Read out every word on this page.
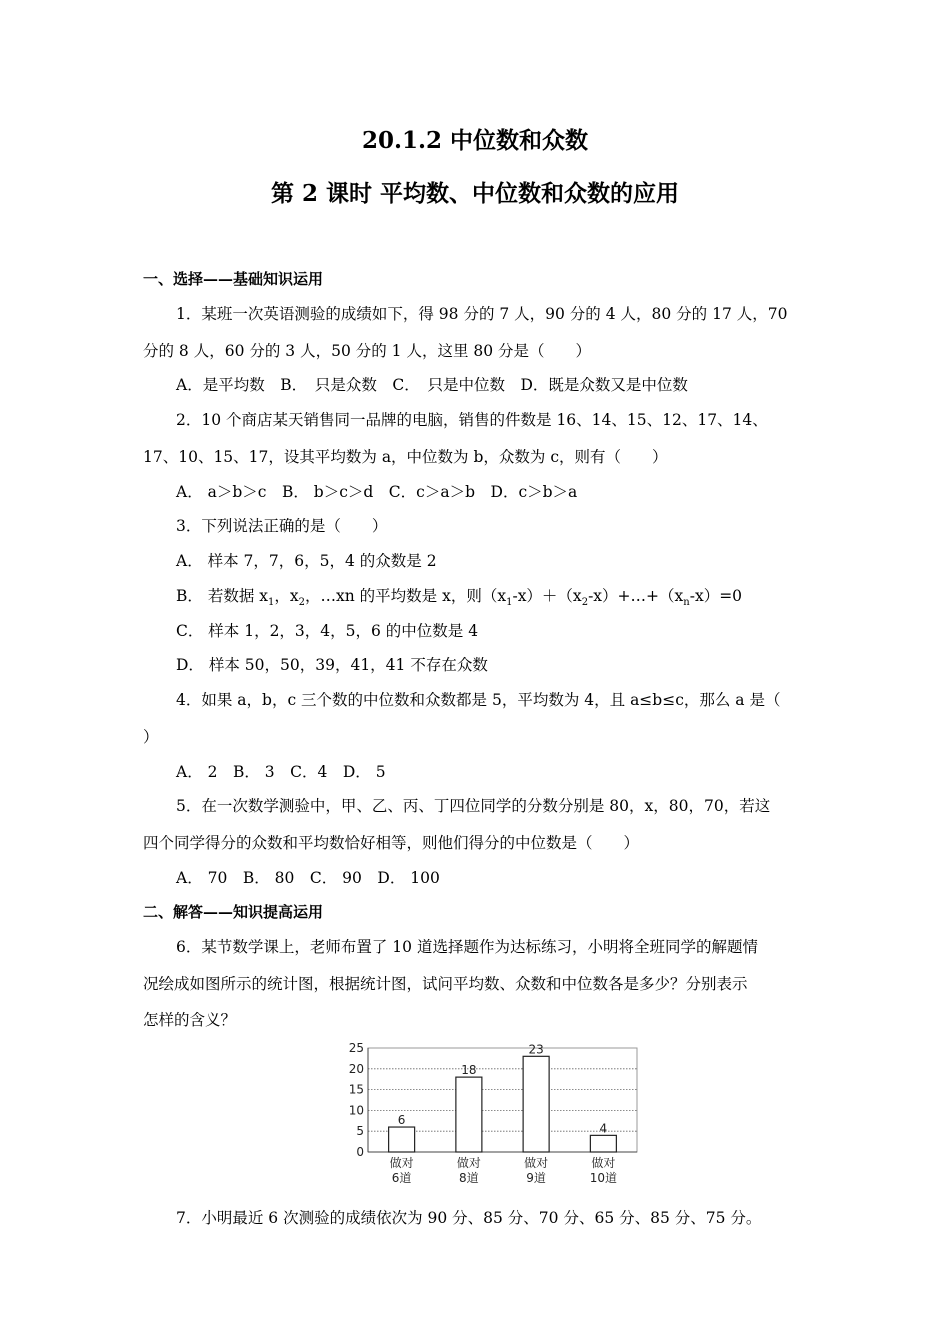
20.1.2 中位数和众数
第 2 课时 平均数、中位数和众数的应用
一、选择——基础知识运用
1．某班一次英语测验的成绩如下，得 98 分的 7 人，90 分的 4 人，80 分的 17 人，70
分的 8 人，60 分的 3 人，50 分的 1 人，这里 80 分是（　　）
A．是平均数　B．　只是众数　C．　只是中位数　D．既是众数又是中位数
2．10 个商店某天销售同一品牌的电脑，销售的件数是 16、14、15、12、17、14、
17、10、15、17，设其平均数为 a，中位数为 b，众数为 c，则有（　　）
A． a＞b＞c　B． b＞c＞d　C．c＞a＞b　D．c＞b＞a
3．下列说法正确的是（　　）
A． 样本 7，7，6，5，4 的众数是 2
B． 若数据 $x_1$，$x_2$，…xn 的平均数是 x，则$(x_1-x)+(x_2-x)+\dots+(x_n-x)=0$
C． 样本 1，2，3，4，5，6 的中位数是 4
D． 样本 50，50，39，41，41 不存在众数
4．如果 a，b，c 三个数的中位数和众数都是 5，平均数为 4，且 a≤b≤c，那么 a 是（
）
A． 2　B． 3　C．4　D． 5
5．在一次数学测验中，甲、乙、丙、丁四位同学的分数分别是 80，x，80，70，若这
四个同学得分的众数和平均数恰好相等，则他们得分的中位数是（　　）
A． 70　B． 80　C． 90　D． 100
二、解答——知识提高运用
6．某节数学课上，老师布置了 10 道选择题作为达标练习，小明将全班同学的解题情
况绘成如图所示的统计图，根据统计图，试问平均数、众数和中位数各是多少？分别表示
怎样的含义？
0
5
10
15
20
25
6
做对
6道
18
做对
8道
23
做对
9道
4
做对
10道
7．小明最近 6 次测验的成绩依次为 90 分、85 分、70 分、65 分、85 分、75 分。
